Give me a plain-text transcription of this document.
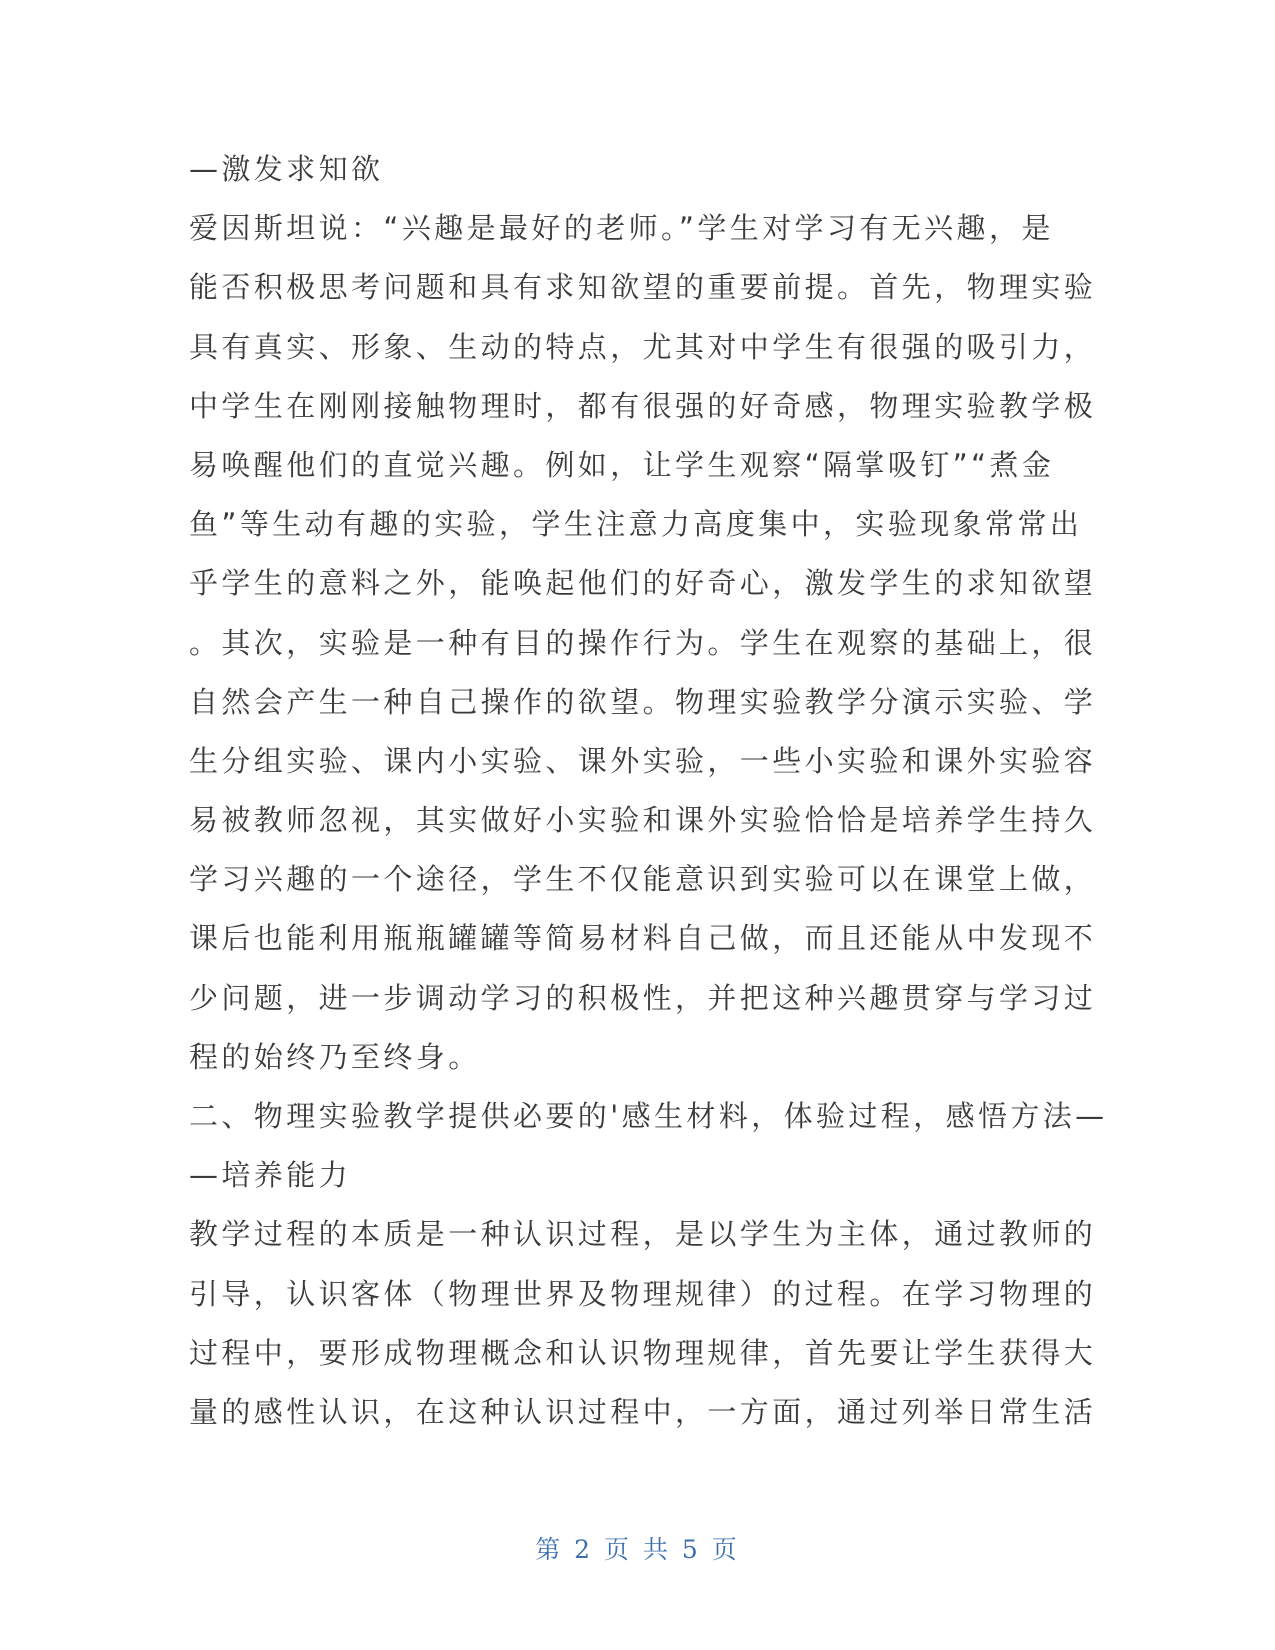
—激发求知欲
爱因斯坦说：“兴趣是最好的老师。”学生对学习有无兴趣，是
能否积极思考问题和具有求知欲望的重要前提。首先，物理实验
具有真实、形象、生动的特点，尤其对中学生有很强的吸引力，
中学生在刚刚接触物理时，都有很强的好奇感，物理实验教学极
易唤醒他们的直觉兴趣。例如，让学生观察“隔掌吸钉”“煮金
鱼”等生动有趣的实验，学生注意力高度集中，实验现象常常出
乎学生的意料之外，能唤起他们的好奇心，激发学生的求知欲望
。其次，实验是一种有目的操作行为。学生在观察的基础上，很
自然会产生一种自己操作的欲望。物理实验教学分演示实验、学
生分组实验、课内小实验、课外实验，一些小实验和课外实验容
易被教师忽视，其实做好小实验和课外实验恰恰是培养学生持久
学习兴趣的一个途径，学生不仅能意识到实验可以在课堂上做，
课后也能利用瓶瓶罐罐等简易材料自己做，而且还能从中发现不
少问题，进一步调动学习的积极性，并把这种兴趣贯穿与学习过
程的始终乃至终身。
二、物理实验教学提供必要的'感生材料，体验过程，感悟方法—
—培养能力
教学过程的本质是一种认识过程，是以学生为主体，通过教师的
引导，认识客体（物理世界及物理规律）的过程。在学习物理的
过程中，要形成物理概念和认识物理规律，首先要让学生获得大
量的感性认识，在这种认识过程中，一方面，通过列举日常生活
第 2 页 共 5 页
